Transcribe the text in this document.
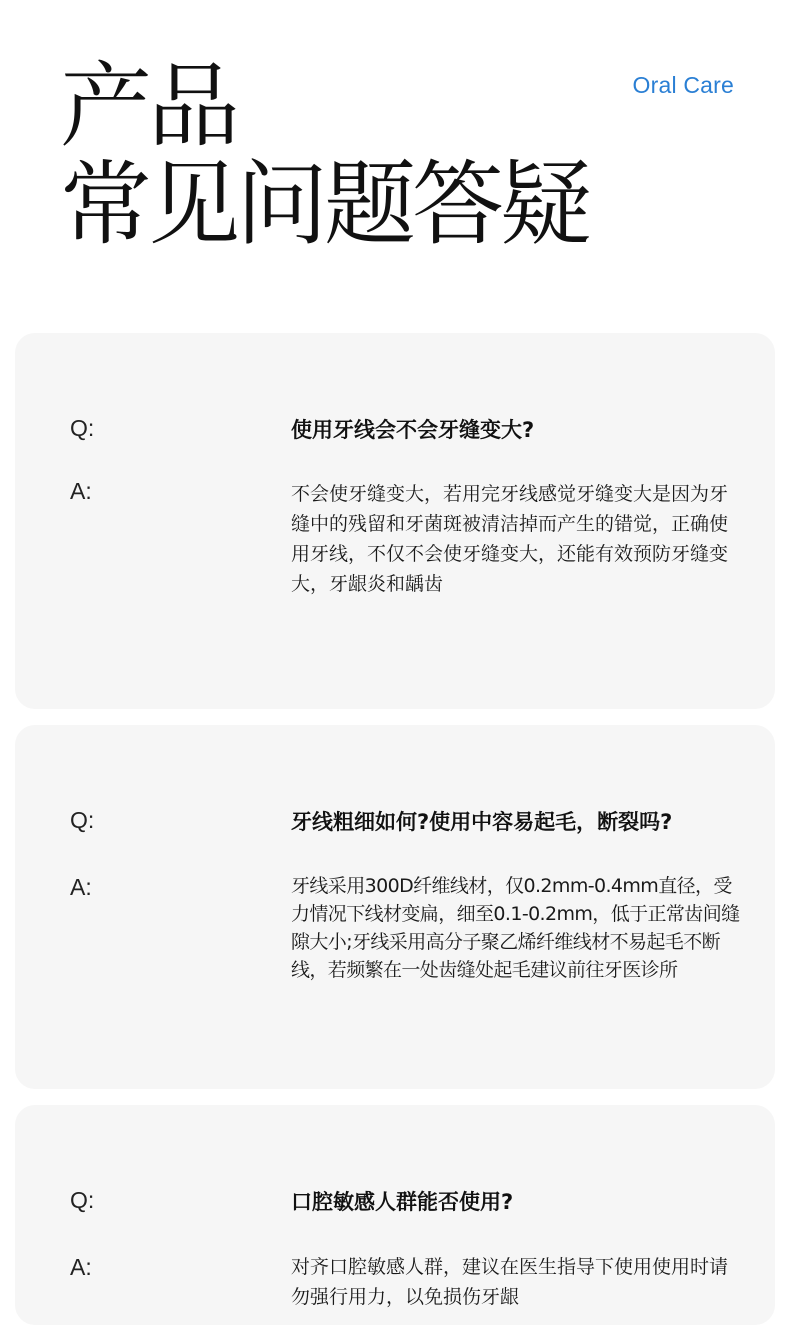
Oral Care
产品
常见问题答疑
Q:	使用牙线会不会牙缝变大?
A:	不会使牙缝变大，若用完牙线感觉牙缝变大是因为牙缝中的残留和牙菌斑被清洁掉而产生的错觉，正确使用牙线，不仅不会使牙缝变大，还能有效预防牙缝变大，牙龈炎和龋齿
Q:	牙线粗细如何?使用中容易起毛，断裂吗?
A:	牙线采用300D纤维线材，仅0.2mm-0.4mm直径，受力情况下线材变扁，细至0.1-0.2mm，低于正常齿间缝隙大小;牙线采用高分子聚乙烯纤维线材不易起毛不断线，若频繁在一处齿缝处起毛建议前往牙医诊所
Q:	口腔敏感人群能否使用?
A:	对齐口腔敏感人群，建议在医生指导下使用使用时请勿强行用力，以免损伤牙龈
